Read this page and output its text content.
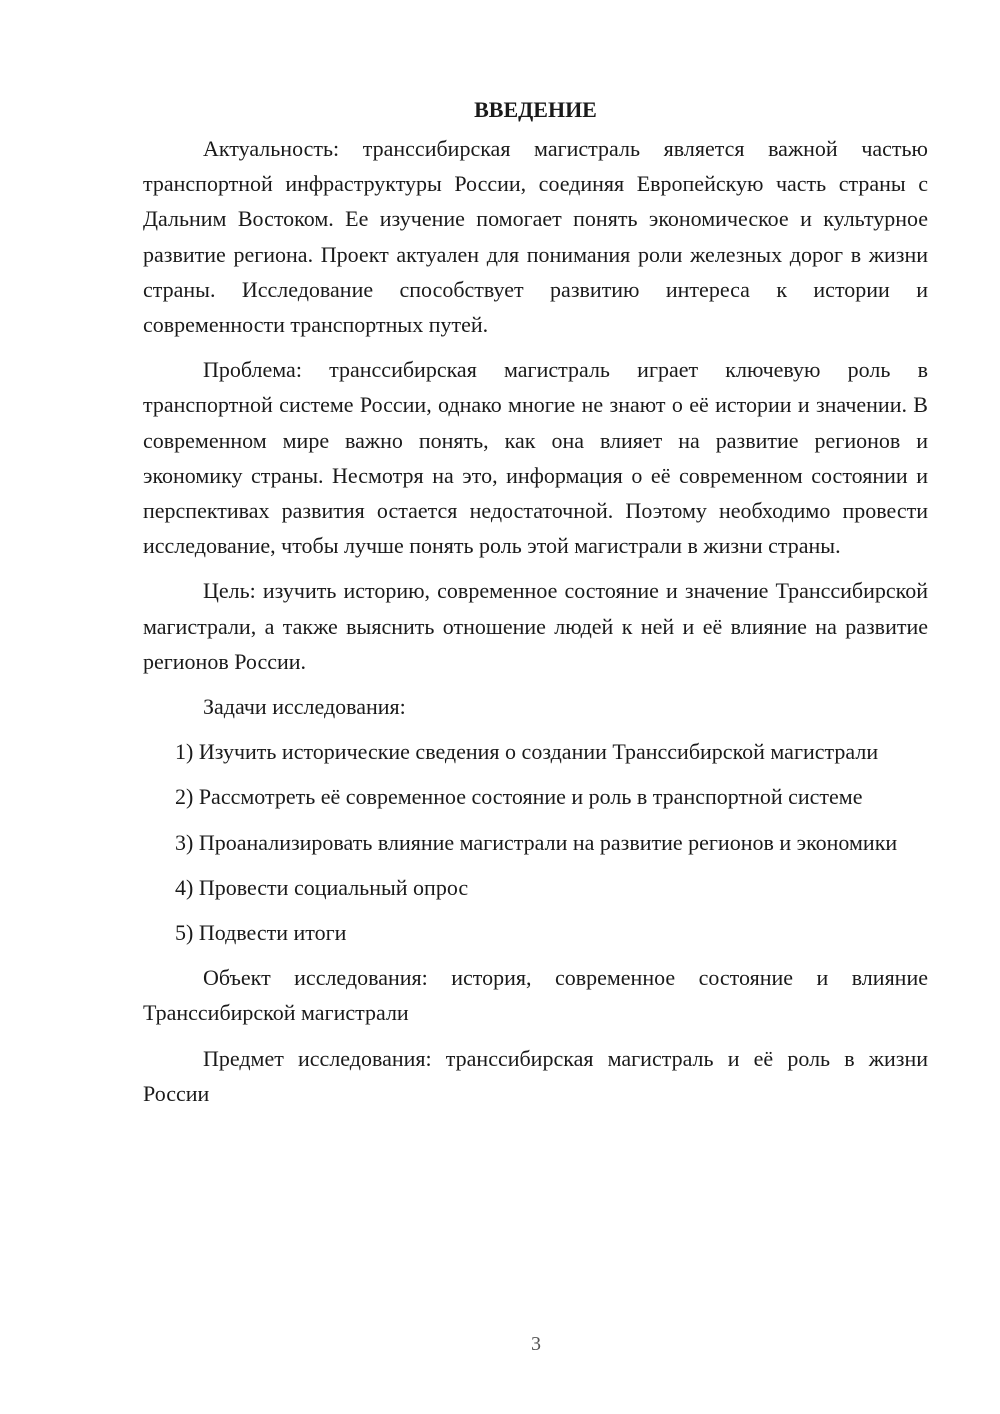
ВВЕДЕНИЕ

Актуальность: транссибирская магистраль является важной частью транспортной инфраструктуры России, соединяя Европейскую часть страны с Дальним Востоком. Ее изучение помогает понять экономическое и культурное развитие региона. Проект актуален для понимания роли железных дорог в жизни страны. Исследование способствует развитию интереса к истории и современности транспортных путей.

Проблема: транссибирская магистраль играет ключевую роль в транспортной системе России, однако многие не знают о её истории и значении. В современном мире важно понять, как она влияет на развитие регионов и экономику страны. Несмотря на это, информация о её современном состоянии и перспективах развития остается недостаточной. Поэтому необходимо провести исследование, чтобы лучше понять роль этой магистрали в жизни страны.

Цель: изучить историю, современное состояние и значение Транссибирской магистрали, а также выяснить отношение людей к ней и её влияние на развитие регионов России.

Задачи исследования:

1) Изучить исторические сведения о создании Транссибирской магистрали

2) Рассмотреть её современное состояние и роль в транспортной системе

3) Проанализировать влияние магистрали на развитие регионов и экономики

4) Провести социальный опрос

5) Подвести итоги

Объект исследования: история, современное состояние и влияние Транссибирской магистрали

Предмет исследования: транссибирская магистраль и её роль в жизни России

3
